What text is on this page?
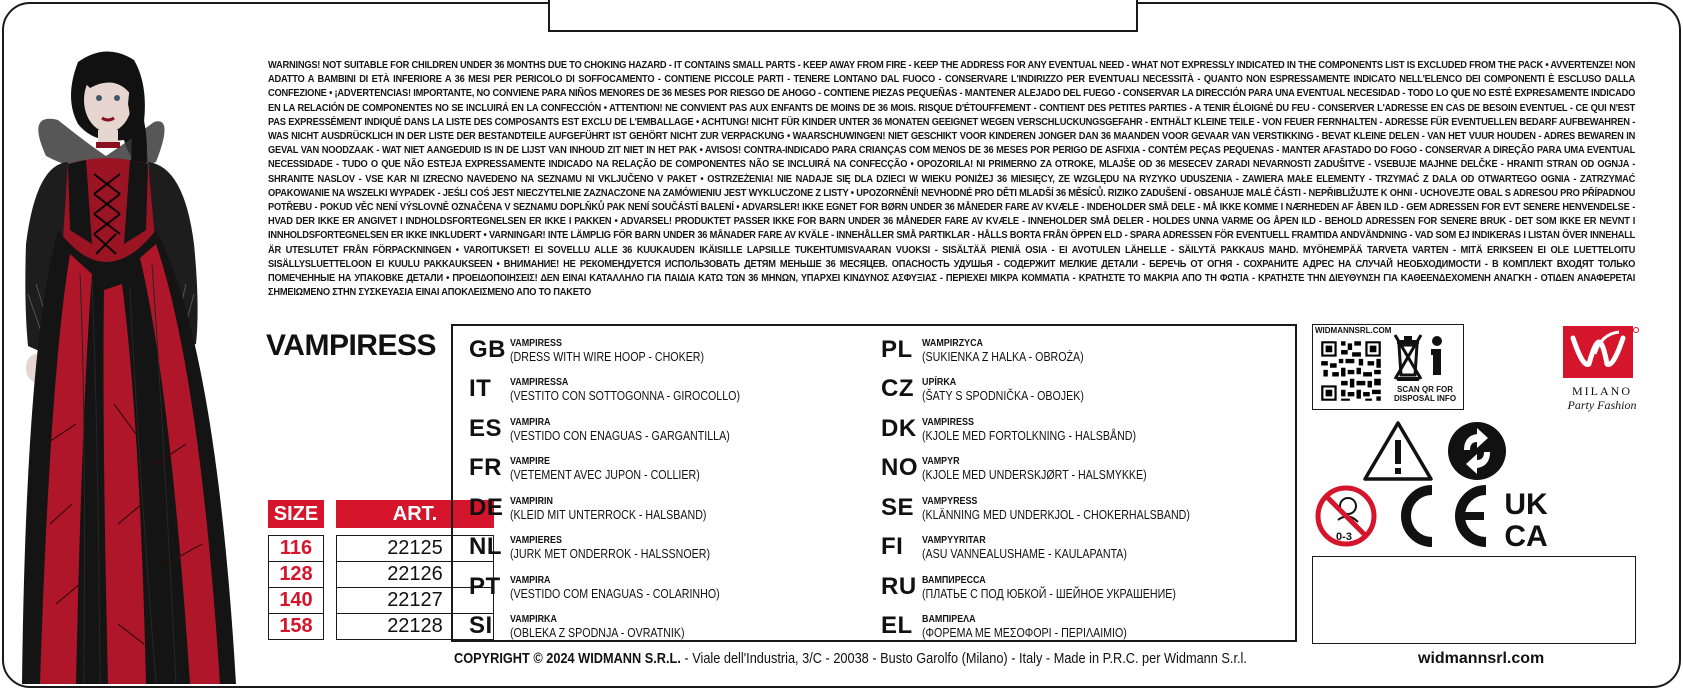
WARNINGS! NOT SUITABLE FOR CHILDREN UNDER 36 MONTHS DUE TO CHOKING HAZARD - IT CONTAINS SMALL PARTS - KEEP AWAY FROM FIRE - KEEP THE ADDRESS FOR ANY EVENTUAL NEED - WHAT NOT EXPRESSLY INDICATED IN THE COMPONENTS LIST IS EXCLUDED FROM THE PACK • AVVERTENZE! NON ADATTO A BAMBINI DI ETÀ INFERIORE A 36 MESI PER PERICOLO DI SOFFOCAMENTO - CONTIENE PICCOLE PARTI - TENERE LONTANO DAL FUOCO - CONSERVARE L'INDIRIZZO PER EVENTUALI NECESSITÀ - QUANTO NON ESPRESSAMENTE INDICATO NELL'ELENCO DEI COMPONENTI È ESCLUSO DALLA CONFEZIONE • ¡ADVERTENCIAS! IMPORTANTE, NO CONVIENE PARA NIÑOS MENORES DE 36 MESES POR RIESGO DE AHOGO - CONTIENE PIEZAS PEQUEÑAS - MANTENER ALEJADO DEL FUEGO - CONSERVAR LA DIRECCIÓN PARA UNA EVENTUAL NECESIDAD - TODO LO QUE NO ESTÉ EXPRESAMENTE INDICADO EN LA RELACIÓN DE COMPONENTES NO SE INCLUIRÁ EN LA CONFECCIÓN • ATTENTION! NE CONVIENT PAS AUX ENFANTS DE MOINS DE 36 MOIS. RISQUE D'ÉTOUFFEMENT - CONTIENT DES PETITES PARTIES - A TENIR ÉLOIGNÉ DU FEU - CONSERVER L'ADRESSE EN CAS DE BESOIN EVENTUEL - CE QUI N'EST PAS EXPRESSÉMENT INDIQUÉ DANS LA LISTE DES COMPOSANTS EST EXCLU DE L'EMBALLAGE • ACHTUNG! NICHT FÜR KINDER UNTER 36 MONATEN GEEIGNET WEGEN VERSCHLUCKUNGSGEFAHR - ENTHÄLT KLEINE TEILE - VON FEUER FERNHALTEN - ADRESSE FÜR EVENTUELLEN BEDARF AUFBEWAHREN - WAS NICHT AUSDRÜCKLICH IN DER LISTE DER BESTANDTEILE AUFGEFÜHRT IST GEHÖRT NICHT ZUR VERPACKUNG • WAARSCHUWINGEN! NIET GESCHIKT VOOR KINDEREN JONGER DAN 36 MAANDEN VOOR GEVAAR VAN VERSTIKKING - BEVAT KLEINE DELEN - VAN HET VUUR HOUDEN - ADRES BEWAREN IN GEVAL VAN NOODZAAK - WAT NIET AANGEDUID IS IN DE LIJST VAN INHOUD ZIT NIET IN HET PAK • AVISOS! CONTRA-INDICADO PARA CRIANÇAS COM MENOS DE 36 MESES POR PERIGO DE ASFIXIA - CONTÉM PEÇAS PEQUENAS - MANTER AFASTADO DO FOGO - CONSERVAR A DIREÇÃO PARA UMA EVENTUAL NECESSIDADE - TUDO O QUE NÃO ESTEJA EXPRESSAMENTE INDICADO NA RELAÇÃO DE COMPONENTES NÃO SE INCLUIRÁ NA CONFECÇÃO • OPOZORILA! NI PRIMERNO ZA OTROKE, MLAJŠE OD 36 MESECEV ZARADI NEVARNOSTI ZADUŠITVE - VSEBUJE MAJHNE DELČKE - HRANITI STRAN OD OGNJA - SHRANITE NASLOV - VSE KAR NI IZRECNO NAVEDENO NA SEZNAMU NI VKLJUČENO V PAKET • OSTRZEŻENIA! NIE NADAJE SIĘ DLA DZIECI W WIEKU PONIŻEJ 36 MIESIĘCY, ZE WZGLĘDU NA RYZYKO UDUSZENIA - ZAWIERA MAŁE ELEMENTY - TRZYMAĆ Z DALA OD OTWARTEGO OGNIA - ZATRZYMAĆ OPAKOWANIE NA WSZELKI WYPADEK - JEŚLI COŚ JEST NIECZYTELNIE ZAZNACZONE NA ZAMÓWIENIU JEST WYKLUCZONE Z LISTY • UPOZORNĚNÍ! NEVHODNÉ PRO DĚTI MLADŠÍ 36 MĚSÍCŮ. RIZIKO ZADUŠENÍ - OBSAHUJE MALÉ ČÁSTI - NEPŘIBLIŽUJTE K OHNI - UCHOVEJTE OBAL S ADRESOU PRO PŘÍPADNOU POTŘEBU - POKUD VĚC NENÍ VÝSLOVNĚ OZNAČENA V SEZNAMU DOPLŇKŮ PAK NENÍ SOUČÁSTÍ BALENÍ • ADVARSLER! IKKE EGNET FOR BØRN UNDER 36 MÅNEDER FARE AV KVÆLE - INDEHOLDER SMÅ DELE - MÅ IKKE KOMME I NÆRHEDEN AF ÅBEN ILD - GEM ADRESSEN FOR EVT SENERE HENVENDELSE - HVAD DER IKKE ER ANGIVET I INDHOLDSFORTEGNELSEN ER IKKE I PAKKEN • ADVARSEL! PRODUKTET PASSER IKKE FOR BARN UNDER 36 MÅNEDER FARE AV KVÆLE - INNEHOLDER SMÅ DELER - HOLDES UNNA VARME OG ÅPEN ILD - BEHOLD ADRESSEN FOR SENERE BRUK - DET SOM IKKE ER NEVNT I INNHOLDSFORTEGNELSEN ER IKKE INKLUDERT • VARNINGAR! INTE LÄMPLIG FÖR BARN UNDER 36 MÅNADER FARE AV KVÄLE - INNEHÅLLER SMÅ PARTIKLAR - HÅLLS BORTA FRÅN ÖPPEN ELD - SPARA ADRESSEN FÖR EVENTUELL FRAMTIDA ANDVÄNDNING - VAD SOM EJ INDIKERAS I LISTAN ÖVER INNEHALL ÄR UTESLUTET FRÅN FÖRPACKNINGEN • VAROITUKSET! EI SOVELLU ALLE 36 KUUKAUDEN IKÄISILLE LAPSILLE TUKEHTUMISVAARAN VUOKSI - SISÄLTÄÄ PIENIÄ OSIA - EI AVOTULEN LÄHELLE - SÄILYTÄ PAKKAUS MAHD. MYÖHEMPÄÄ TARVETA VARTEN - MITÄ ERIKSEEN EI OLE LUETTELOITU SISÄLLYSLUETTELOON EI KUULU PAKKAUKSEEN • ВНИМАНИЕ! НЕ РЕКОМЕНДУЕТСЯ ИСПОЛЬЗОВАТЬ ДЕТЯМ МЕНЬШЕ 36 МЕСЯЦЕВ. ОПАСНОСТЬ УДУШЬЯ - СОДЕРЖИТ МЕЛКИЕ ДЕТАЛИ - БЕРЕЧЬ ОТ ОГНЯ - СОХРАНИТЕ АДРЕС НА СЛУЧАЙ НЕОБХОДИМОСТИ - В КОМПЛЕКТ ВХОДЯТ ТОЛЬКО ПОМЕЧЕННЫЕ НА УПАКОВКЕ ДЕТАЛИ • ΠΡΟΕΙΔΟΠΟΙΗΣΕΙΣ! ΔΕΝ ΕΙΝΑΙ ΚΑΤΑΛΛΗΛΟ ΓΙΑ ΠΑΙΔΙΑ ΚΑΤΩ ΤΩΝ 36 ΜΗΝΩΝ, ΥΠΑΡΧΕΙ ΚΙΝΔΥΝΟΣ ΑΣΦΥΞΙΑΣ - ΠΕΡΙΕΧΕΙ ΜΙΚΡΑ ΚΟΜΜΑΤΙΑ - ΚΡΑΤΗΣΤΕ ΤΟ ΜΑΚΡΙΑ ΑΠΟ ΤΗ ΦΩΤΙΑ - ΚΡΑΤΗΣΤΕ ΤΗΝ ΔΙΕΥΘΥΝΣΗ ΓΙΑ ΚΑΘΕΕΝΔΕΧΟΜΕΝΗ ΑΝΑΓΚΗ - ΟΤΙΔΕΝ ΑΝΑΦΕΡΕΤΑΙ ΣΗΜΕΙΩΜΕΝΟ ΣΤΗΝ ΣΥΣΚΕΥΑΣΙΑ ΕΙΝΑΙ ΑΠΟΚΛΕΙΣΜΕΝΟ ΑΠΟ ΤΟ ΠΑΚΕΤΟ
VAMPIRESS
SIZE	ART.
116	22125
128	22126
140	22127
158	22128
GB VAMPIRESS
(DRESS WITH WIRE HOOP - CHOKER)
IT VAMPIRESSA
(VESTITO CON SOTTOGONNA - GIROCOLLO)
ES VAMPIRA
(VESTIDO CON ENAGUAS - GARGANTILLA)
FR VAMPIRE
(VETEMENT AVEC JUPON - COLLIER)
DE VAMPIRIN
(KLEID MIT UNTERROCK - HALSBAND)
NL VAMPIERES
(JURK MET ONDERROK - HALSSNOER)
PT VAMPIRA
(VESTIDO COM ENAGUAS - COLARINHO)
SI VAMPIRKA
(OBLEKA Z SPODNJA - OVRATNIK)
PL WAMPIRZYCA
(SUKIENKA Z HALKA - OBROŻA)
CZ UPÍRKA
(ŠATY S SPODNIČKA - OBOJEK)
DK VAMPIRESS
(KJOLE MED FORTOLKNING - HALSBÅND)
NO VAMPYR
(KJOLE MED UNDERSKJØRT - HALSMYKKE)
SE VAMPYRESS
(KLÄNNING MED UNDERKJOL - CHOKERHALSBAND)
FI VAMPYYRITAR
(ASU VANNEALUSHAME - KAULAPANTA)
RU ВАМПИРЕССА
(ПЛАТЬЕ С ПОД ЮБКОЙ - ШЕЙНОЕ УКРАШЕНИЕ)
EL ΒΑΜΠΙΡΕΛΑ
(ΦΟΡΕΜΑ ΜΕ ΜΕΣΟΦΟΡΙ - ΠΕΡΙΛΑΙΜΙΟ)
COPYRIGHT © 2024 WIDMANN S.R.L. - Viale dell'Industria, 3/C - 20038 - Busto Garolfo (Milano) - Italy - Made in P.R.C. per Widmann S.r.l.	widmannsrl.com
WIDMANNSRL.COM
SCAN QR FOR DISPOSAL INFO
MILANO
Party Fashion
0-3
UK
CA
